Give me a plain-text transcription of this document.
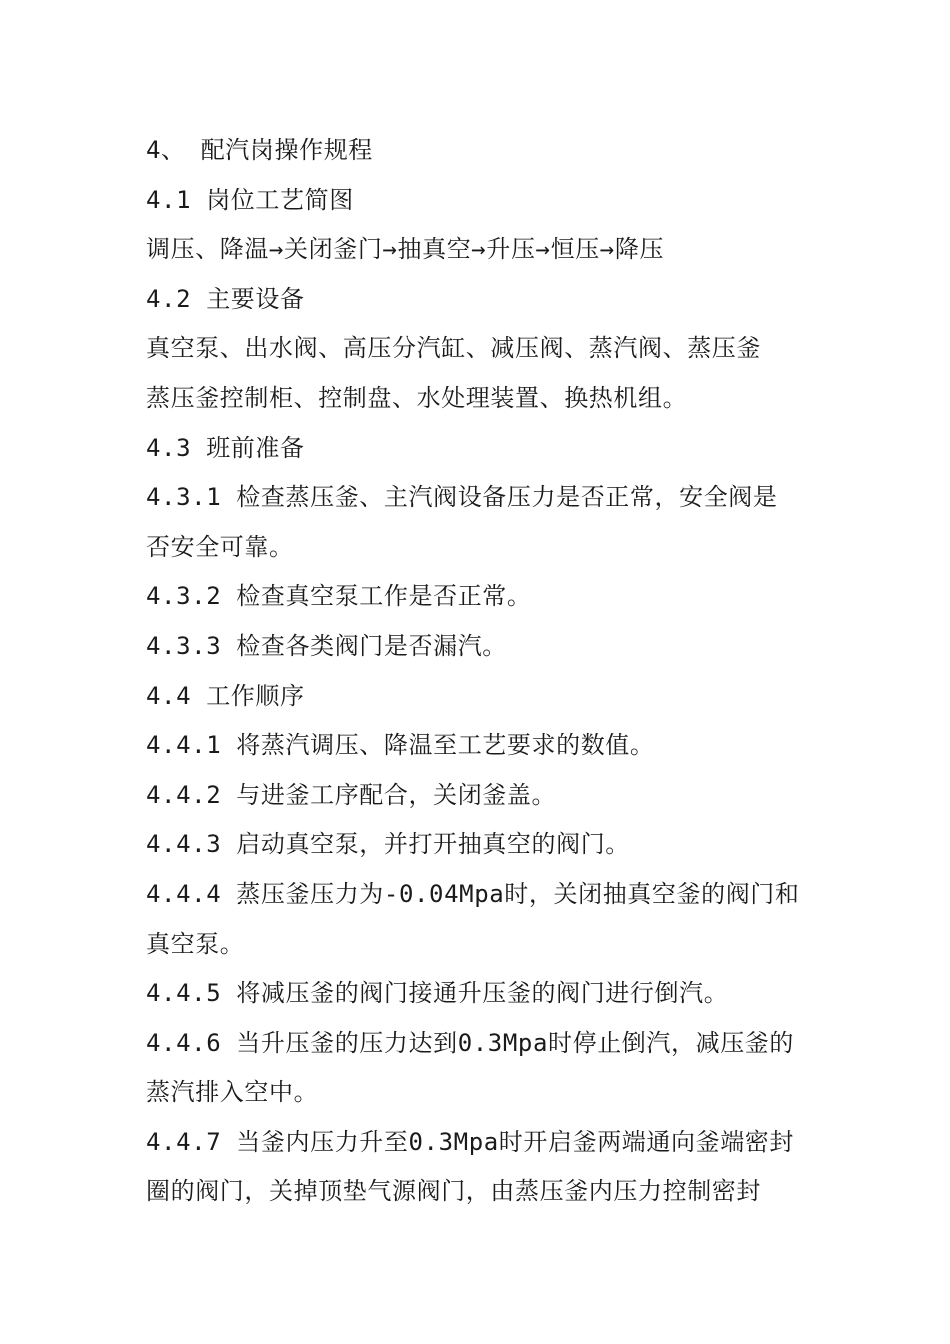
4、 配汽岗操作规程
4.1 岗位工艺简图
调压、降温→关闭釜门→抽真空→升压→恒压→降压
4.2 主要设备
真空泵、出水阀、高压分汽缸、减压阀、蒸汽阀、蒸压釜
蒸压釜控制柜、控制盘、水处理装置、换热机组。
4.3 班前准备
4.3.1 检查蒸压釜、主汽阀设备压力是否正常，安全阀是
否安全可靠。
4.3.2 检查真空泵工作是否正常。
4.3.3 检查各类阀门是否漏汽。
4.4 工作顺序
4.4.1 将蒸汽调压、降温至工艺要求的数值。
4.4.2 与进釜工序配合，关闭釜盖。
4.4.3 启动真空泵，并打开抽真空的阀门。
4.4.4 蒸压釜压力为-0.04Mpa时，关闭抽真空釜的阀门和
真空泵。
4.4.5 将减压釜的阀门接通升压釜的阀门进行倒汽。
4.4.6 当升压釜的压力达到0.3Mpa时停止倒汽，减压釜的
蒸汽排入空中。
4.4.7 当釜内压力升至0.3Mpa时开启釜两端通向釜端密封
圈的阀门，关掉顶垫气源阀门，由蒸压釜内压力控制密封
